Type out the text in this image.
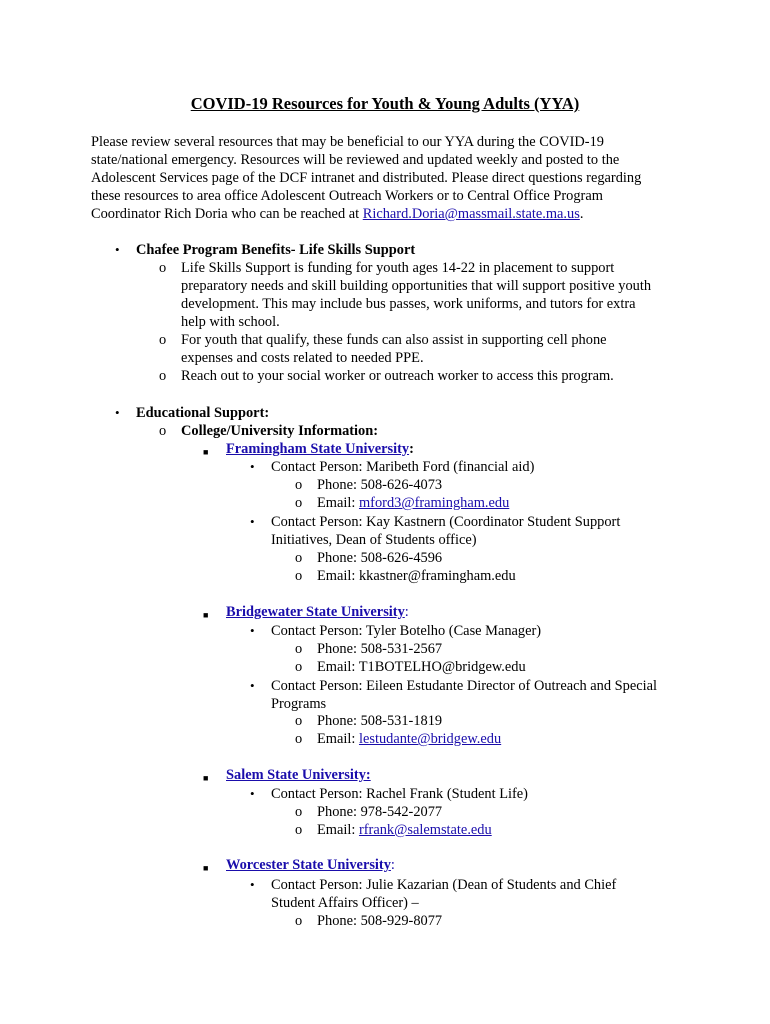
COVID-19 Resources for Youth & Young Adults (YYA)
Please review several resources that may be beneficial to our YYA during the COVID-19
state/national emergency. Resources will be reviewed and updated weekly and posted to the
Adolescent Services page of the DCF intranet and distributed. Please direct questions regarding
these resources to area office Adolescent Outreach Workers or to Central Office Program
Coordinator Rich Doria who can be reached at Richard.Doria@massmail.state.ma.us.
• Chafee Program Benefits- Life Skills Support
o Life Skills Support is funding for youth ages 14-22 in placement to support
preparatory needs and skill building opportunities that will support positive youth
development. This may include bus passes, work uniforms, and tutors for extra
help with school.
o For youth that qualify, these funds can also assist in supporting cell phone
expenses and costs related to needed PPE.
o Reach out to your social worker or outreach worker to access this program.
• Educational Support:
o College/University Information:
■ Framingham State University:
• Contact Person: Maribeth Ford (financial aid)
o Phone: 508-626-4073
o Email: mford3@framingham.edu
• Contact Person: Kay Kastnern (Coordinator Student Support
Initiatives, Dean of Students office)
o Phone: 508-626-4596
o Email: kkastner@framingham.edu
■ Bridgewater State University:
• Contact Person: Tyler Botelho (Case Manager)
o Phone: 508-531-2567
o Email: T1BOTELHO@bridgew.edu
• Contact Person: Eileen Estudante Director of Outreach and Special
Programs
o Phone: 508-531-1819
o Email: lestudante@bridgew.edu
■ Salem State University:
• Contact Person: Rachel Frank (Student Life)
o Phone: 978-542-2077
o Email: rfrank@salemstate.edu
■ Worcester State University:
• Contact Person: Julie Kazarian (Dean of Students and Chief
Student Affairs Officer) –
o Phone: 508-929-8077
